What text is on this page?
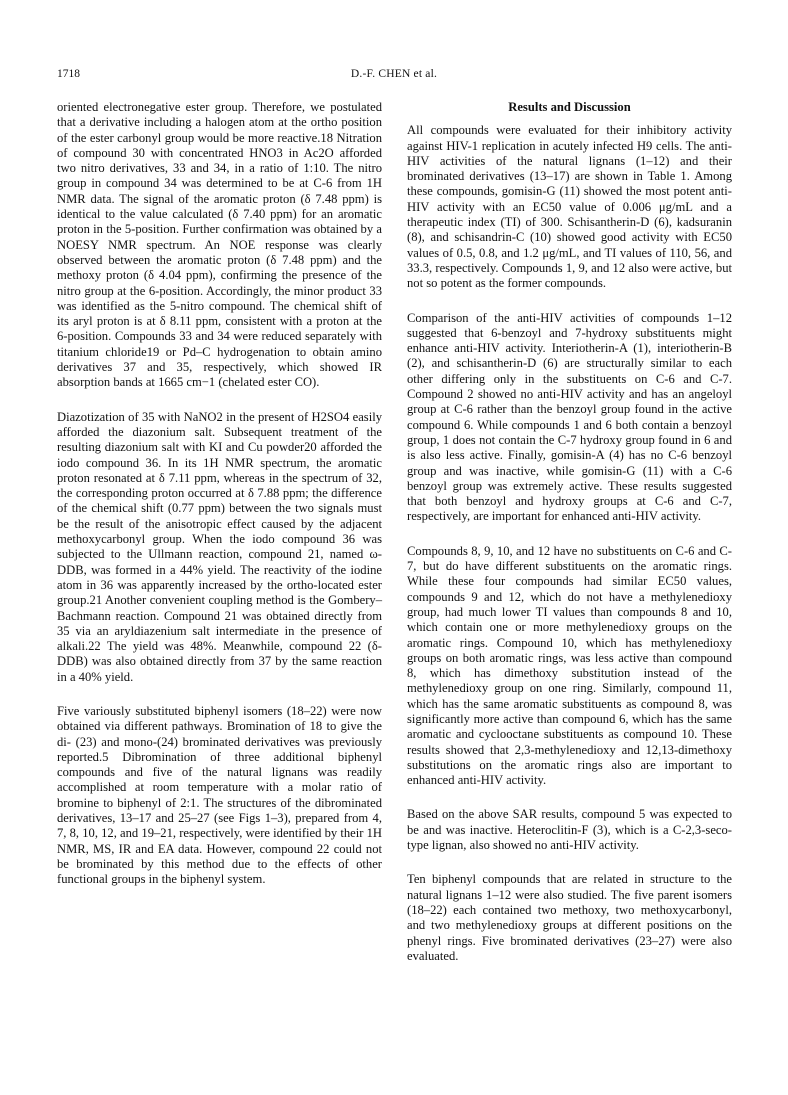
1718	D.-F. CHEN et al.

oriented electronegative ester group. Therefore, we postulated that a derivative including a halogen atom at the ortho position of the ester carbonyl group would be more reactive.18 Nitration of compound 30 with concentrated HNO3 in Ac2O afforded two nitro derivatives, 33 and 34, in a ratio of 1:10. The nitro group in compound 34 was determined to be at C-6 from 1H NMR data. The signal of the aromatic proton (δ 7.48 ppm) is identical to the value calculated (δ 7.40 ppm) for an aromatic proton in the 5-position. Further confirmation was obtained by a NOESY NMR spectrum. An NOE response was clearly observed between the aromatic proton (δ 7.48 ppm) and the methoxy proton (δ 4.04 ppm), confirming the presence of the nitro group at the 6-position. Accordingly, the minor product 33 was identified as the 5-nitro compound. The chemical shift of its aryl proton is at δ 8.11 ppm, consistent with a proton at the 6-position. Compounds 33 and 34 were reduced separately with titanium chloride19 or Pd–C hydrogenation to obtain amino derivatives 37 and 35, respectively, which showed IR absorption bands at 1665 cm−1 (chelated ester CO).

Diazotization of 35 with NaNO2 in the present of H2SO4 easily afforded the diazonium salt. Subsequent treatment of the resulting diazonium salt with KI and Cu powder20 afforded the iodo compound 36. In its 1H NMR spectrum, the aromatic proton resonated at δ 7.11 ppm, whereas in the spectrum of 32, the corresponding proton occurred at δ 7.88 ppm; the difference of the chemical shift (0.77 ppm) between the two signals must be the result of the anisotropic effect caused by the adjacent methoxycarbonyl group. When the iodo compound 36 was subjected to the Ullmann reaction, compound 21, named ω-DDB, was formed in a 44% yield. The reactivity of the iodine atom in 36 was apparently increased by the ortho-located ester group.21 Another convenient coupling method is the Gombery–Bachmann reaction. Compound 21 was obtained directly from 35 via an aryldiazenium salt intermediate in the presence of alkali.22 The yield was 48%. Meanwhile, compound 22 (δ-DDB) was also obtained directly from 37 by the same reaction in a 40% yield.

Five variously substituted biphenyl isomers (18–22) were now obtained via different pathways. Bromination of 18 to give the di- (23) and mono-(24) brominated derivatives was previously reported.5 Dibromination of three additional biphenyl compounds and five of the natural lignans was readily accomplished at room temperature with a molar ratio of bromine to biphenyl of 2:1. The structures of the dibrominated derivatives, 13–17 and 25–27 (see Figs 1–3), prepared from 4, 7, 8, 10, 12, and 19–21, respectively, were identified by their 1H NMR, MS, IR and EA data. However, compound 22 could not be brominated by this method due to the effects of other functional groups in the biphenyl system.

Results and Discussion

All compounds were evaluated for their inhibitory activity against HIV-1 replication in acutely infected H9 cells. The anti-HIV activities of the natural lignans (1–12) and their brominated derivatives (13–17) are shown in Table 1. Among these compounds, gomisin-G (11) showed the most potent anti-HIV activity with an EC50 value of 0.006 μg/mL and a therapeutic index (TI) of 300. Schisantherin-D (6), kadsuranin (8), and schisandrin-C (10) showed good activity with EC50 values of 0.5, 0.8, and 1.2 μg/mL, and TI values of 110, 56, and 33.3, respectively. Compounds 1, 9, and 12 also were active, but not so potent as the former compounds.

Comparison of the anti-HIV activities of compounds 1–12 suggested that 6-benzoyl and 7-hydroxy substituents might enhance anti-HIV activity. Interiotherin-A (1), interiotherin-B (2), and schisantherin-D (6) are structurally similar to each other differing only in the substituents on C-6 and C-7. Compound 2 showed no anti-HIV activity and has an angeloyl group at C-6 rather than the benzoyl group found in the active compound 6. While compounds 1 and 6 both contain a benzoyl group, 1 does not contain the C-7 hydroxy group found in 6 and is also less active. Finally, gomisin-A (4) has no C-6 benzoyl group and was inactive, while gomisin-G (11) with a C-6 benzoyl group was extremely active. These results suggested that both benzoyl and hydroxy groups at C-6 and C-7, respectively, are important for enhanced anti-HIV activity.

Compounds 8, 9, 10, and 12 have no substituents on C-6 and C-7, but do have different substituents on the aromatic rings. While these four compounds had similar EC50 values, compounds 9 and 12, which do not have a methylenedioxy group, had much lower TI values than compounds 8 and 10, which contain one or more methylenedioxy groups on the aromatic rings. Compound 10, which has methylenedioxy groups on both aromatic rings, was less active than compound 8, which has dimethoxy substitution instead of the methylenedioxy group on one ring. Similarly, compound 11, which has the same aromatic substituents as compound 8, was significantly more active than compound 6, which has the same aromatic and cyclooctane substituents as compound 10. These results showed that 2,3-methylenedioxy and 12,13-dimethoxy substitutions on the aromatic rings also are important to enhanced anti-HIV activity.

Based on the above SAR results, compound 5 was expected to be and was inactive. Heteroclitin-F (3), which is a C-2,3-seco-type lignan, also showed no anti-HIV activity.

Ten biphenyl compounds that are related in structure to the natural lignans 1–12 were also studied. The five parent isomers (18–22) each contained two methoxy, two methoxycarbonyl, and two methylenedioxy groups at different positions on the phenyl rings. Five brominated derivatives (23–27) were also evaluated.
